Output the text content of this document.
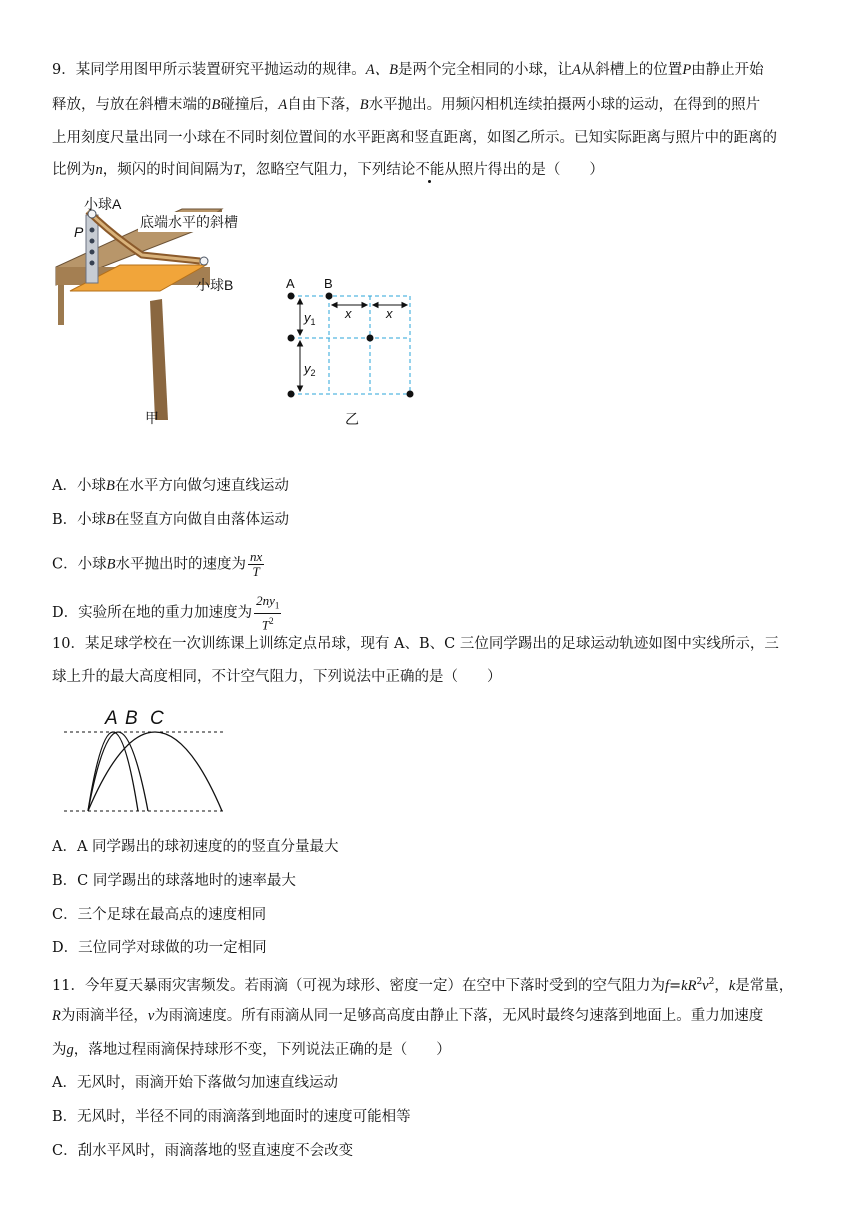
9．某同学用图甲所示装置研究平抛运动的规律。A、B是两个完全相同的小球，让A从斜槽上的位置P由静止开始
释放，与放在斜槽末端的B碰撞后，A自由下落，B水平抛出。用频闪相机连续拍摄两小球的运动，在得到的照片
上用刻度尺量出同一小球在不同时刻位置间的水平距离和竖直距离，如图乙所示。已知实际距离与照片中的距离的
比例为n，频闪的时间间隔为T，忽略空气阻力，下列结论不能从照片得出的是（　　）
小球A
P
底端水平的斜槽
小球B
甲
A B
x	x
$y_1$
$y_2$
乙
A．小球B在水平方向做匀速直线运动
B．小球B在竖直方向做自由落体运动
C．小球B水平抛出时的速度为 $\frac{nx}{T}$
D．实验所在地的重力加速度为 $\frac{2ny_1}{T^2}$
10．某足球学校在一次训练课上训练定点吊球，现有 A、B、C 三位同学踢出的足球运动轨迹如图中实线所示，三
球上升的最大高度相同，不计空气阻力，下列说法中正确的是（　　）
A B C
A．A 同学踢出的球初速度的的竖直分量最大
B．C 同学踢出的球落地时的速率最大
C．三个足球在最高点的速度相同
D．三位同学对球做的功一定相同
11．今年夏天暴雨灾害频发。若雨滴（可视为球形、密度一定）在空中下落时受到的空气阻力为$f=kR^2v^2$，k是常量，
R为雨滴半径，v为雨滴速度。所有雨滴从同一足够高高度由静止下落，无风时最终匀速落到地面上。重力加速度
为g，落地过程雨滴保持球形不变，下列说法正确的是（　　）
A．无风时，雨滴开始下落做匀加速直线运动
B．无风时，半径不同的雨滴落到地面时的速度可能相等
C．刮水平风时，雨滴落地的竖直速度不会改变
